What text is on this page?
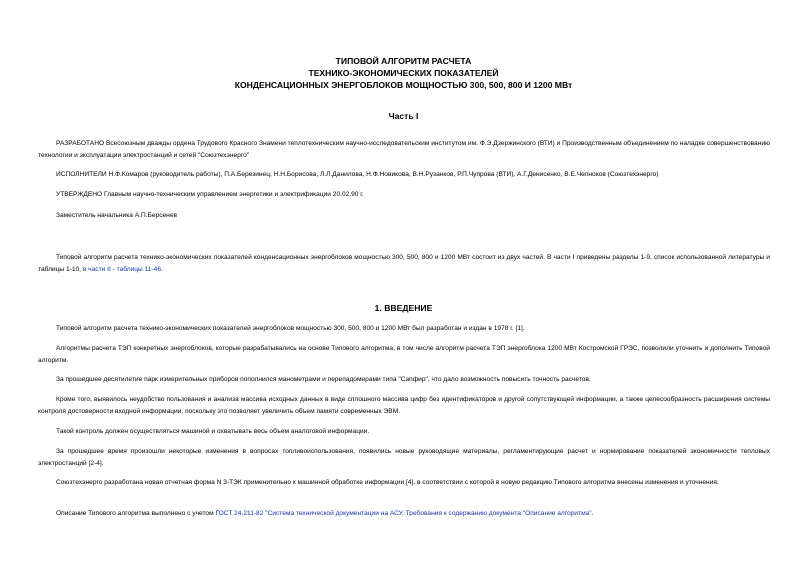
ТИПОВОЙ АЛГОРИТМ РАСЧЕТА
ТЕХНИКО-ЭКОНОМИЧЕСКИХ ПОКАЗАТЕЛЕЙ
КОНДЕНСАЦИОННЫХ ЭНЕРГОБЛОКОВ МОЩНОСТЬЮ 300, 500, 800 И 1200 МВт
Часть I

РАЗРАБОТАНО Всесоюзным дважды ордена Трудового Красного Знамени теплотехническим научно-исследовательским институтом им. Ф.Э.Дзержинского (ВТИ) и Производственным объединением по наладке совершенствованию технологии и эксплуатации электростанций и сетей "Союзтехэнерго"

ИСПОЛНИТЕЛИ Н.Ф.Комаров (руководитель работы), П.А.Березинец, Н.Н.Борисова, Л.Л.Данилова, Н.Ф.Новикова, В.Н.Рузанков, Р.П.Чупрова (ВТИ), А.Г.Денисенко, В.Е.Челноков (Союзтехэнерго)

УТВЕРЖДЕНО Главным научно-техническим управлением энергетики и электрификации 20.02.90 г.

Заместитель начальника А.П.Берсенев

Типовой алгоритм расчета технико-экономических показателей конденсационных энергоблоков мощностью 300, 500, 800 и 1200 МВт состоит из двух частей. В части I приведены разделы 1-9, список использованной литературы и таблицы 1-10, в части II - таблицы 11-46.

1. ВВЕДЕНИЕ

Типовой алгоритм расчета технико-экономических показателей энергоблоков мощностью 300, 500, 800 и 1200 МВт был разработан и издан в 1978 г. [1].

Алгоритмы расчета ТЭП конкретных энергоблоков, которые разрабатывались на основе Типового алгоритма, в том числе алгоритм расчета ТЭП энергоблока 1200 МВт Костромской ГРЭС, позволили уточнить и дополнить Типовой алгоритм.

За прошедшее десятилетие парк измерительных приборов пополнился манометрами и перепадомерами типа "Сапфир", что дало возможность повысить точность расчетов.

Кроме того, выявилось неудобство пользования и анализа массива исходных данных в виде сплошного массива цифр без идентификаторов и другой сопутствующей информации, а также целесообразность расширения системы контроля достоверности входной информации, поскольку это позволяет увеличить объем памяти современных ЭВМ.

Такой контроль должен осуществляться машиной и охватывать весь объем аналоговой информации.

За прошедшее время произошли некоторые изменения в вопросах топливоиспользования, появились новые руководящие материалы, регламентирующие расчет и нормирование показателей экономичности тепловых электростанций [2-4].

Союзтехэнерго разработана новая отчетная форма N 3-ТЭК применительно к машинной обработке информации [4], в соответствии с которой в новую редакцию Типового алгоритма внесены изменения и уточнения.

Описание Типового алгоритма выполнено с учетом ГОСТ 24.211-82 "Система технической документации на АСУ. Требования к содержанию документа "Описание алгоритма".
